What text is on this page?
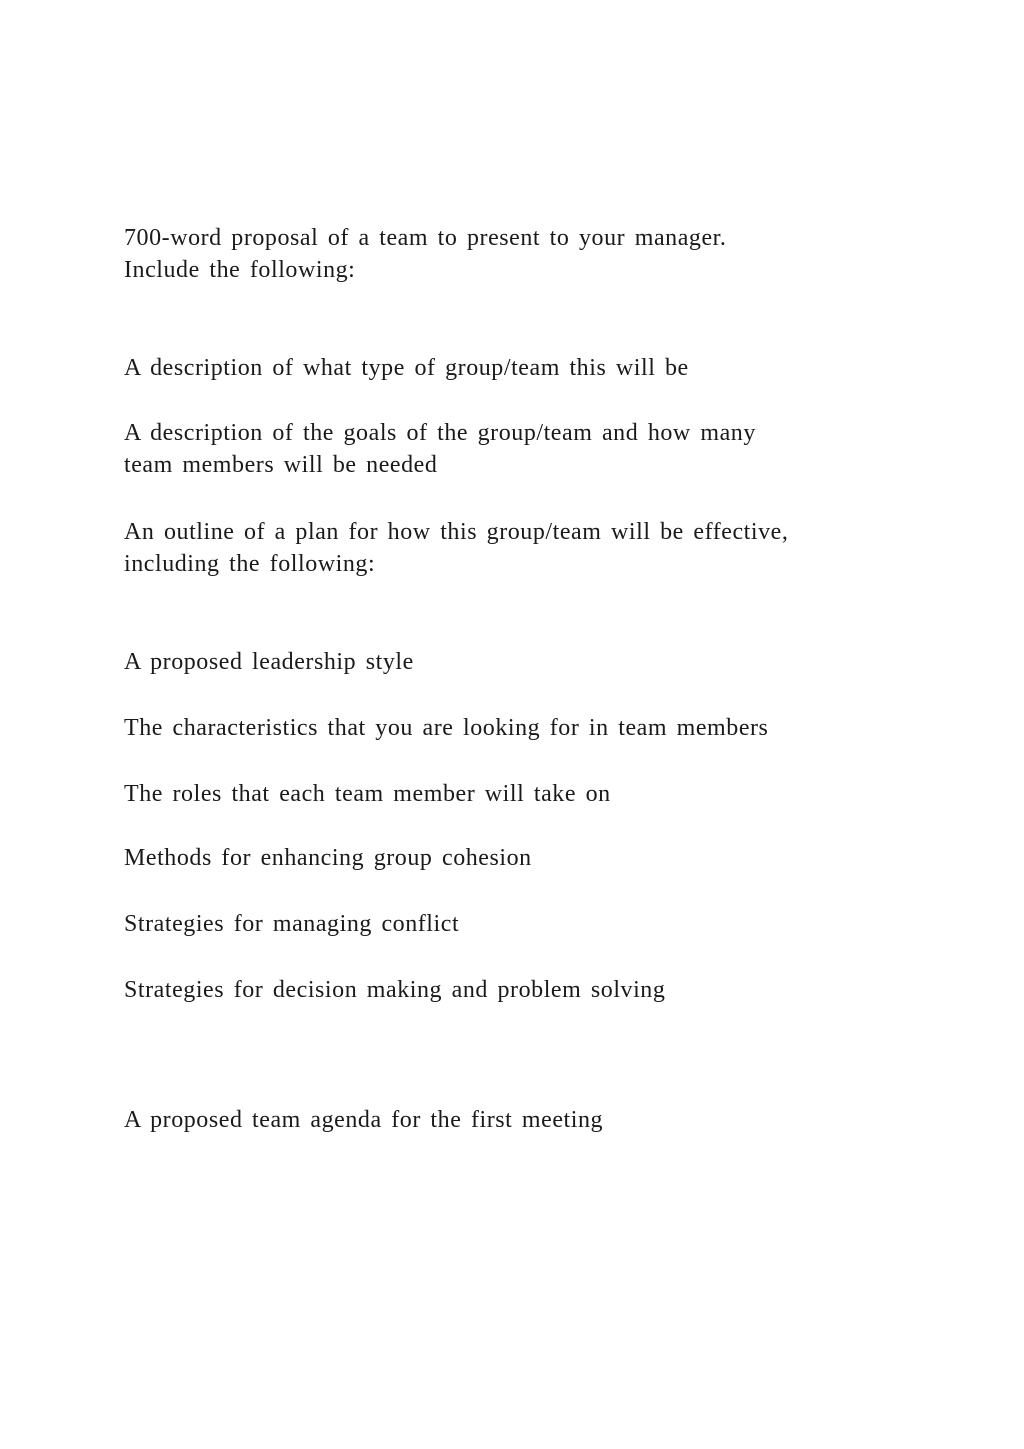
700-word proposal of a team to present to your manager.

Include the following:

A description of what type of group/team this will be

A description of the goals of the group/team and how many

team members will be needed

An outline of a plan for how this group/team will be effective,

including the following:

A proposed leadership style

The characteristics that you are looking for in team members

The roles that each team member will take on

Methods for enhancing group cohesion

Strategies for managing conflict

Strategies for decision making and problem solving

A proposed team agenda for the first meeting
